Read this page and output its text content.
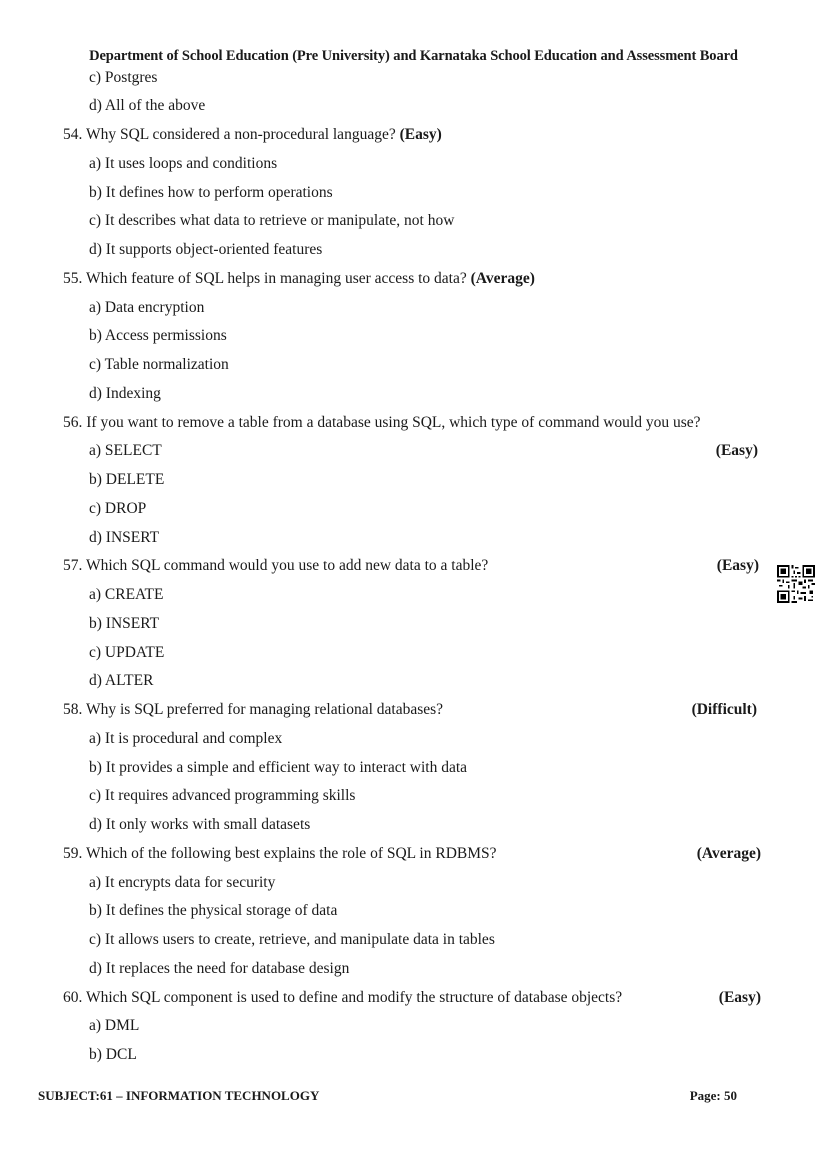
Department of School Education (Pre University) and Karnataka School Education and Assessment Board
c) Postgres
d) All of the above
54. Why SQL considered a non-procedural language? (Easy)
a) It uses loops and conditions
b) It defines how to perform operations
c) It describes what data to retrieve or manipulate, not how
d) It supports object-oriented features
55. Which feature of SQL helps in managing user access to data? (Average)
a) Data encryption
b) Access permissions
c) Table normalization
d) Indexing
56. If you want to remove a table from a database using SQL, which type of command would you use?
a) SELECT	(Easy)
b) DELETE
c) DROP
d) INSERT
57. Which SQL command would you use to add new data to a table?	(Easy)
a) CREATE
b) INSERT
c) UPDATE
d) ALTER
58. Why is SQL preferred for managing relational databases?	(Difficult)
a) It is procedural and complex
b) It provides a simple and efficient way to interact with data
c) It requires advanced programming skills
d) It only works with small datasets
59. Which of the following best explains the role of SQL in RDBMS?	(Average)
a) It encrypts data for security
b) It defines the physical storage of data
c) It allows users to create, retrieve, and manipulate data in tables
d) It replaces the need for database design
60. Which SQL component is used to define and modify the structure of database objects?	(Easy)
a) DML
b) DCL
SUBJECT:61 – INFORMATION TECHNOLOGY	Page: 50
